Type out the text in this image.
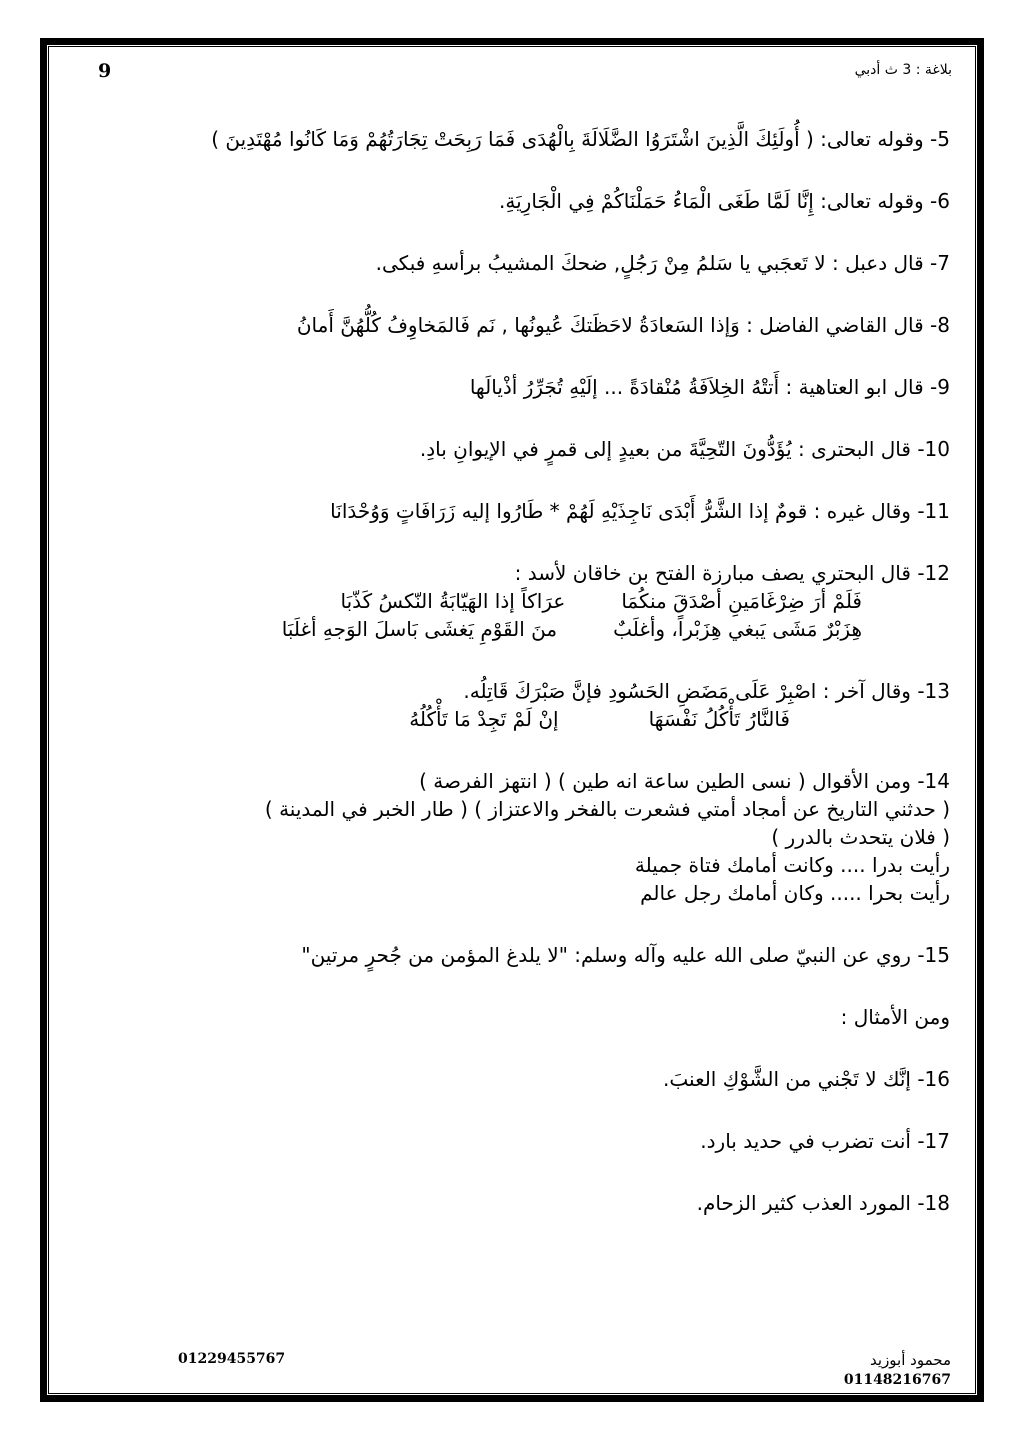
9	بلاغة : 3 ث أدبي
5- وقوله تعالى: ( أُولَئِكَ الَّذِينَ اشْتَرَوُا الضَّلَالَةَ بِالْهُدَى فَمَا رَبِحَتْ تِجَارَتُهُمْ وَمَا كَانُوا مُهْتَدِينَ )
6- وقوله تعالى: إِنَّا لَمَّا طَغَى الْمَاءُ حَمَلْنَاكُمْ فِي الْجَارِيَةِ.
7- قال دعبل : لا تَعجَبي يا سَلمُ مِنْ رَجُلٍ, ضحكَ المشيبُ برأسهِ فبكى.
8- قال القاضي الفاضل : وَإذا السَعادَةُ لاحَظَتكَ عُيونُها , نَم فَالمَخاوِفُ كُلُّهُنَّ أَمانُ
9- قال ابو العتاهية : أَتتْهُ الخِلاَفَةُ مُنْقادَةً ... إلَيْهِ تُجَرِّرُ أذْيالَها
10- قال البحترى : يُؤَدُّونَ التّحِيَّةَ من بعيدٍ إلى قمرٍ في الإيوانِ بادِ.
11- وقال غيره : قومٌ إذا الشَّرُّ أَبْدَى نَاجِذَيْهِ لَهُمْ * طَارُوا إليه زَرَافَاتٍ وَوُحْدَانَا
12- قال البحتري يصف مبارزة الفتح بن خاقان لأسد :
فَلَمْ أرَ ضِرْغَامَينِ أصْدَقَ منكُمَاعرَاكاً إذا الهَيّابَةُ النّكسُ كَذّبَا
هِزَبْرٌ مَشَى يَبغي هِزَبْراً، وأغلَبٌمنَ القَوْمِ يَغشَى بَاسلَ الوَجهِ أغلَبَا
13- وقال آخر : اصْبِرْ عَلَى مَضَضِ الحَسُودِ فإنَّ صَبْرَكَ قَاتِلُه.
فَالنَّارُ تَأْكُلُ نَفْسَهَاإنْ لَمْ تَجِدْ مَا تَأْكُلُهُ
14- ومن الأقوال ( نسى الطين ساعة انه طين ) ( انتهز الفرصة )
( حدثني التاريخ عن أمجاد أمتي فشعرت بالفخر والاعتزاز ) ( طار الخبر في المدينة )
( فلان يتحدث بالدرر )
رأيت بدرا .... وكانت أمامك فتاة جميلة
رأيت بحرا ..... وكان أمامك رجل عالم
15- روي عن النبيّ صلى الله عليه وآله وسلم: "لا يلدغ المؤمن من جُحرٍ مرتين"
ومن الأمثال :
16- إنَّك لا تَجْني من الشَّوْكِ العنبَ.
17- أنت تضرب في حديد بارد.
18- المورد العذب كثير الزحام.
محمود أبوزيد
01148216767
01229455767
